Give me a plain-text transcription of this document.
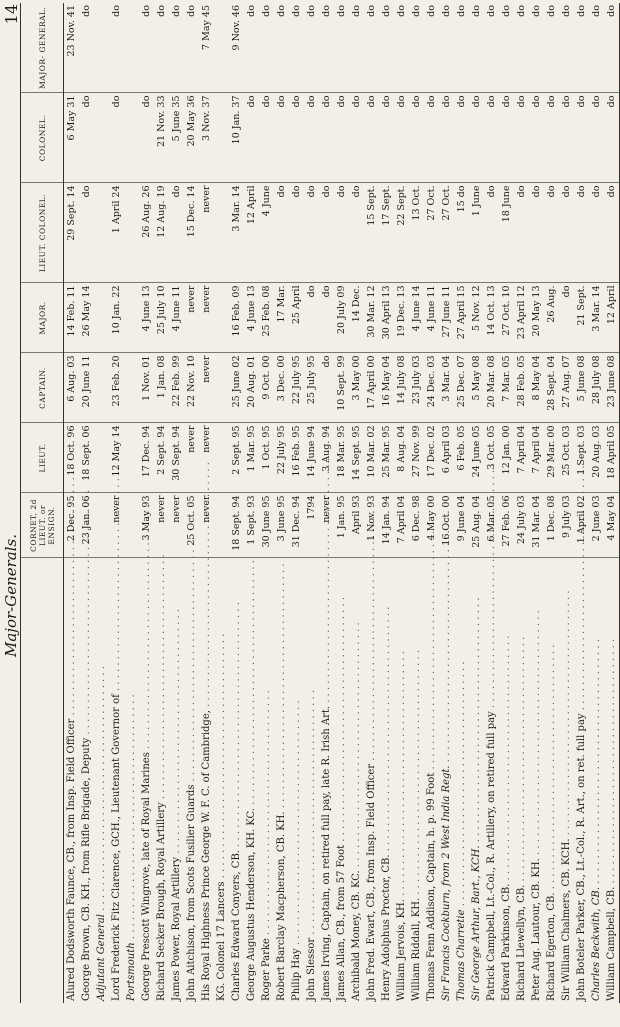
Major-Generals.
14
	CORNET, 2d LIEUT. or ENSIGN.	LIEUT.	CAPTAIN.	MAJOR.	LIEUT. COLONEL.	COLONEL.	MAJOR- GENERAL.
Alured Dodsworth Faunce, CB., from Insp. Field Officer . . .	2 Dec. 95	18 Oct. 96	6 Aug. 03	14 Feb. 11	29 Sept. 14	6 May 31	23 Nov. 41
George Brown, CB. KH., from Rifle Brigade, Deputy . . .	23 Jan. 06	18 Sept. 06	20 June 11	26 May 14	do	do	do
Adjutant General . . .							
Lord Frederick Fitz Clarence, GCH., Lieutenant Governor of . . .	never	12 May 14	23 Feb. 20	10 Jan. 22	1 April 24	do	do
Portsmouth . . .							
George Prescott Wingrove, late of Royal Marines . . .	3 May 93	17 Dec. 94	1 Nov. 01	4 June 13	26 Aug. 26	do	do
Richard Secker Brough, Royal Artillery . . .	never	2 Sept. 94	1 Jan. 08	25 July 10	12 Aug. 19	21 Nov. 33	do
James Power, Royal Artillery . . .	never	30 Sept. 94	22 Feb. 99	4 June 11	do	5 June 35	do
John Aitchison, from Scots Fusilier Guards . . .	25 Oct. 05	never	22 Nov. 10	never	15 Dec. 14	20 May 36	do
His Royal Highness Prince George W. F. C. of Cambridge, . . .	never	never	never	never	never	3 Nov. 37	7 May 45
KG. Colonel 17 Lancers . . .							
Charles Edward Conyers, CB. . . .	18 Sept. 94	2 Sept. 95	25 June 02	16 Feb. 09	3 Mar. 14	10 Jan. 37	9 Nov. 46
George Augustus Henderson, KH. KC. . . .	1 Sept. 93	1 Mar. 95	20 Aug. 01	4 June 13	12 April	do	do
Roger Parke . . .	30 June 95	1 Oct. 95	9 Oct. 00	25 Feb. 08	4 June	do	do
Robert Barclay Macpherson, CB. KH. . . .	3 June 95	22 July 95	3 Dec. 00	17 Mar.	do	do	do
Philip Hay . . .	31 Dec. 94	16 Feb. 95	22 July 95	25 April	do	do	do
John Slessor . . .	1794	14 June 94	25 July 95	do	do	do	do
James Irving, Captain, on retired full pay, late R. Irish Art. . . .	never	3 Aug. 94	do	do	do	do	do
James Allan, CB., from 57 Foot . . .	1 Jan. 95	18 Mar. 95	10 Sept. 99	20 July 09	do	do	do
Archibald Money, CB. KC. . . .	April 93	14 Sept. 95	3 May 00	14 Dec.	do	do	do
John Fred. Ewart, CB., from Insp. Field Officer . . .	1 Nov. 93	10 Mar. 02	17 April 00	30 Mar. 12	15 Sept.	do	do
Henry Adolphus Proctor, CB. . . .	14 Jan. 94	25 Mar. 95	16 May 04	30 April 13	17 Sept.	do	do
William Jervois, KH. . . .	7 April 04	8 Aug. 04	14 July 08	19 Dec. 13	22 Sept.	do	do
William Riddall, KH. . . .	6 Dec. 98	27 Nov. 99	23 July 03	4 June 14	13 Oct.	do	do
Thomas Fenn Addison, Captain, h. p. 99 Foot . . .	4 May 00	17 Dec. 02	24 Dec. 03	4 June 11	27 Oct.	do	do
Sir Francis Cockburn, from 2 West India Regt. . . .	16 Oct. 00	6 April 03	3 Mar. 04	27 June 11	27 Oct.	do	do
Thomas Charretie . . .	9 June 04	6 Feb. 05	25 Dec. 07	27 April 15	15 do	do	do
Sir George Arthur, Bart., KCH. . . .	25 Aug. 04	24 June 05	5 May 08	5 Nov. 12	1 June	do	do
Patrick Campbell, Lt.-Col., R. Artillery, on retired full pay . . .	6 Mar. 05	3 Oct. 05	20 Mar. 08	14 Oct. 13	do	do	do
Edward Parkinson, CB. . . .	27 Feb. 06	12 Jan. 00	7 Mar. 05	27 Oct. 10	18 June	do	do
Richard Llewellyn, CB. . . .	24 July 03	7 April 04	28 Feb. 05	23 April 12	do	do	do
Peter Aug. Lautour, CB. KH. . . .	31 Mar. 04	7 April 04	8 May 04	20 May 13	do	do	do
Richard Egerton, CB. . . .	1 Dec. 08	29 Mar. 00	28 Sept. 04	26 Aug.	do	do	do
Sir William Chalmers, CB. KCH. . . .	9 July 03	25 Oct. 03	27 Aug. 07	do	do	do	do
John Boteler Parker, CB., Lt.-Col., R. Art., on ret. full pay . . .	1 April 02	1 Sept. 03	5 June 08	21 Sept.	do	do	do
Charles Beckwith, CB. . . .	2 June 03	20 Aug. 03	28 July 08	3 Mar. 14	do	do	do
William Campbell, CB. . . .	4 May 04	18 April 05	23 June 08	12 April	do	do	do
